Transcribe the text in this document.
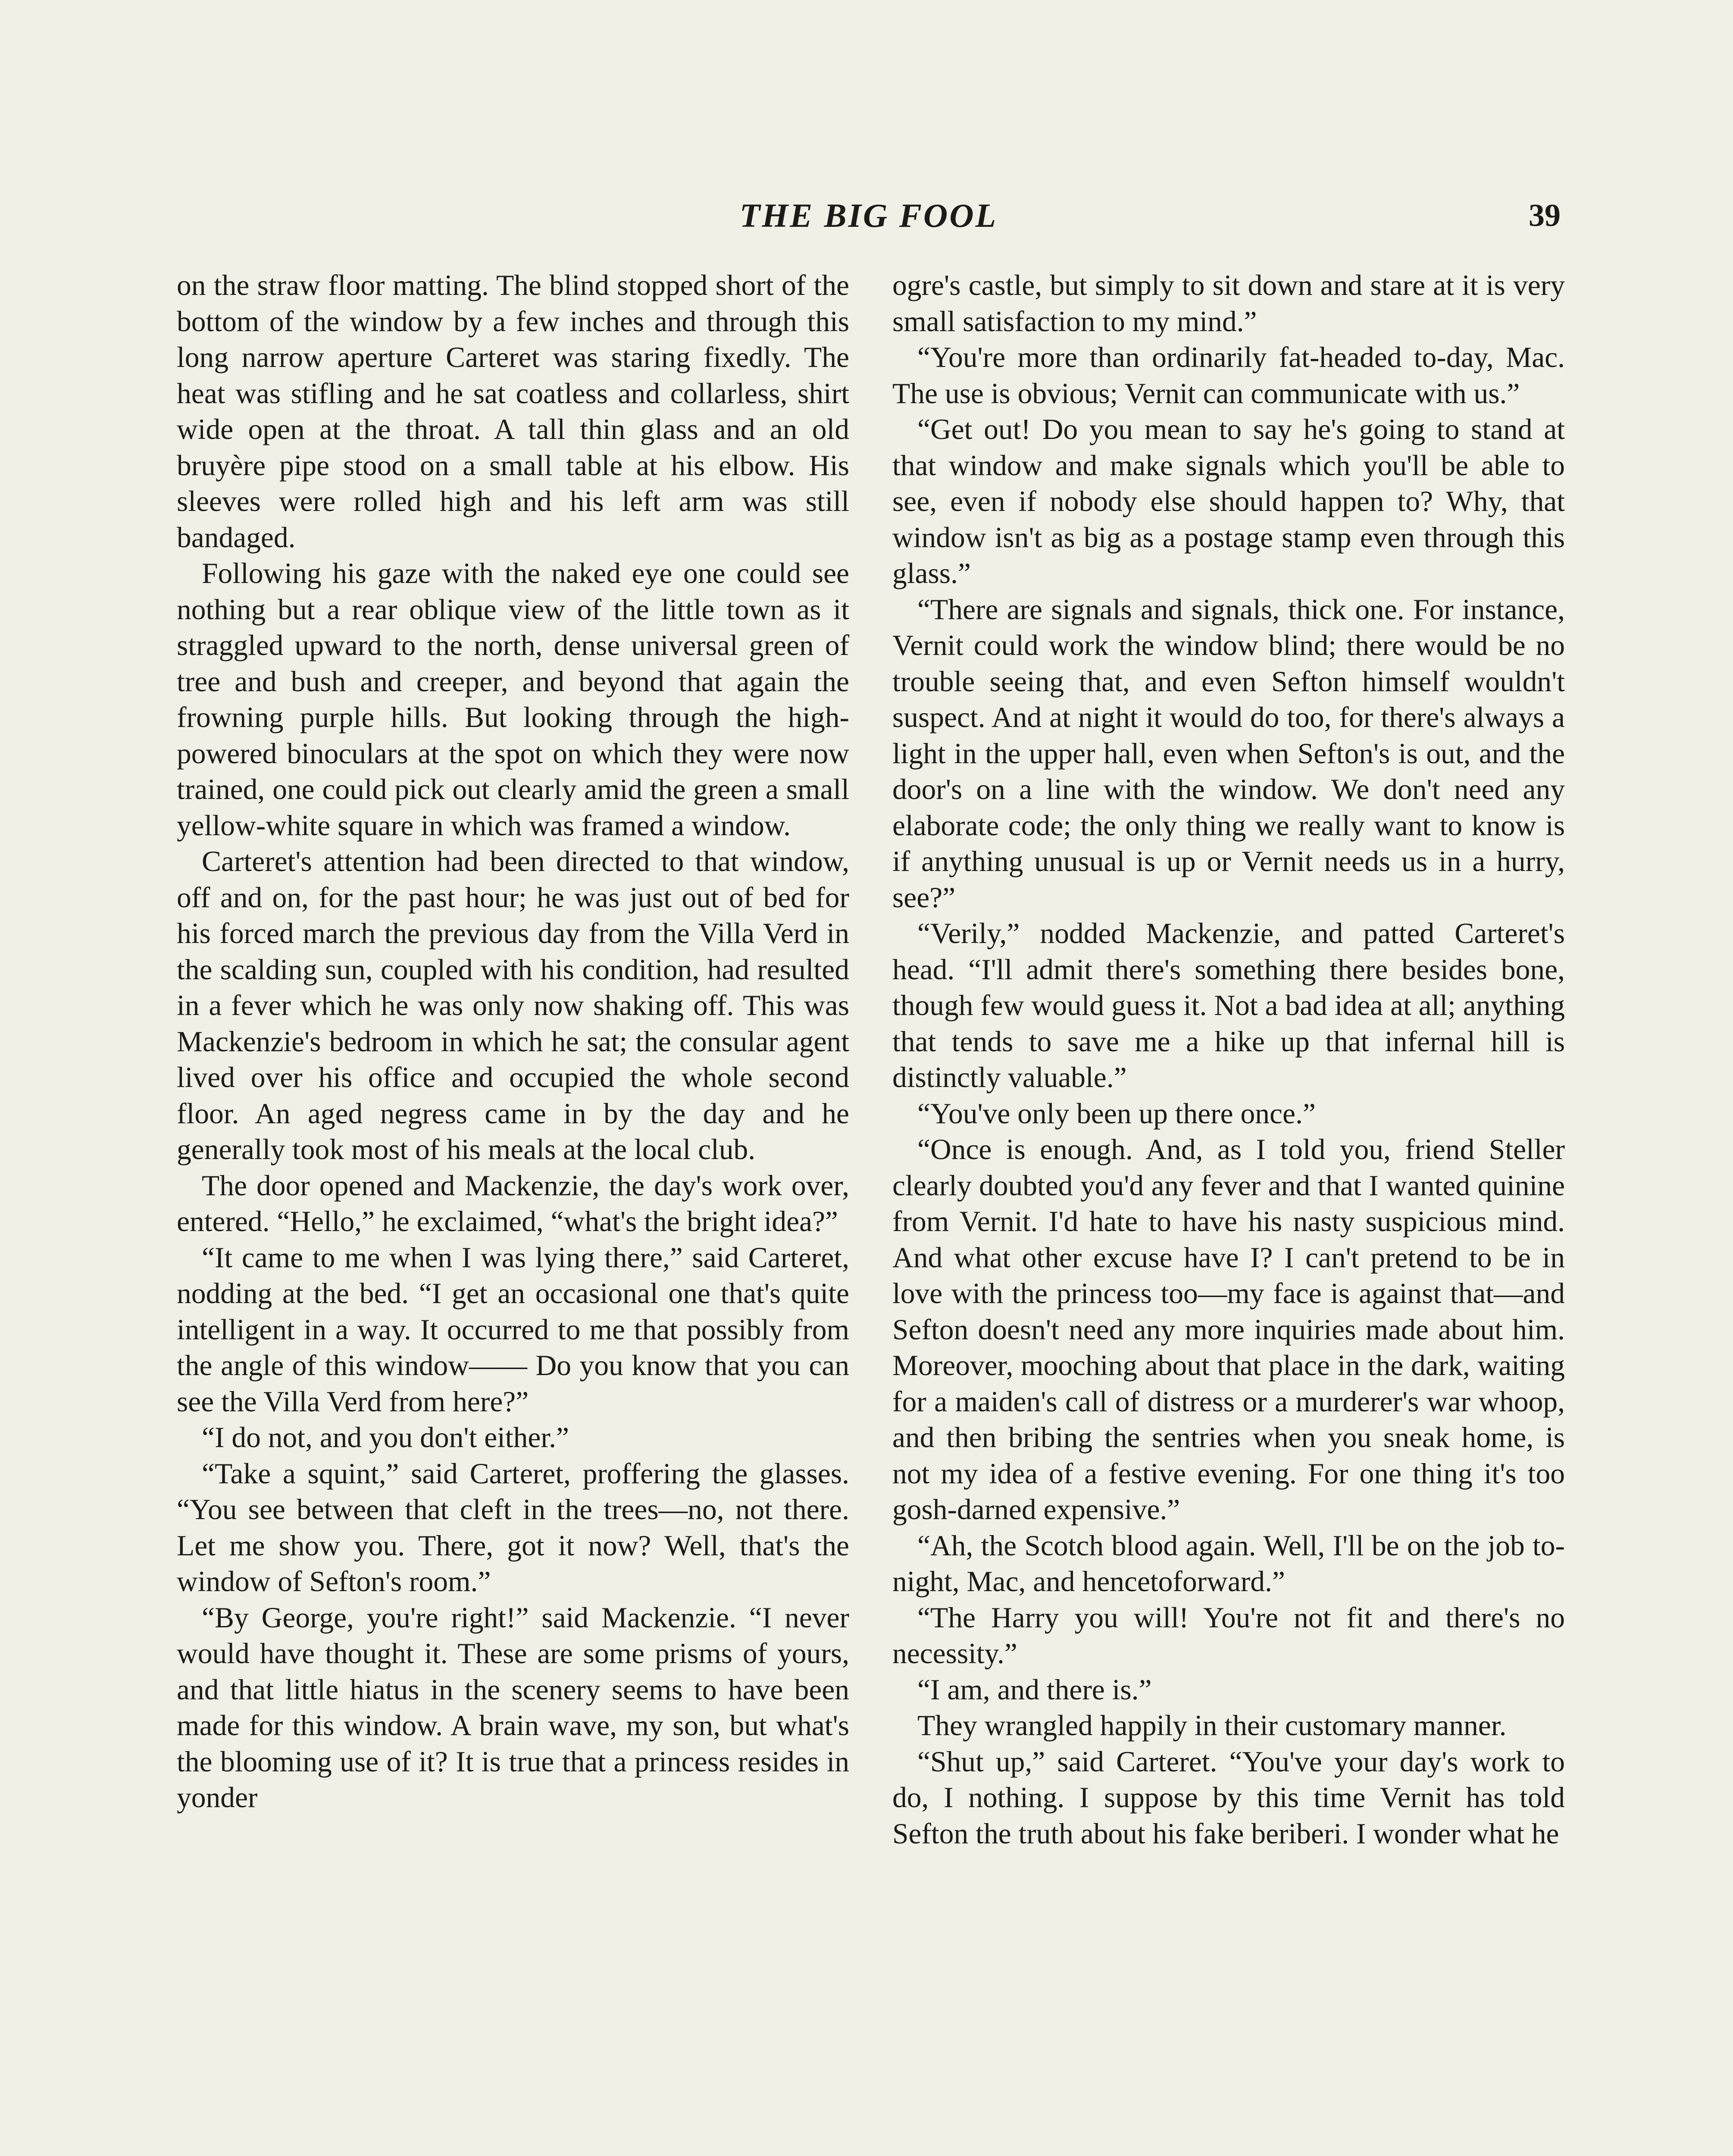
THE BIG FOOL	39

on the straw floor matting. The blind stopped short of the bottom of the window by a few inches and through this long narrow aperture Carteret was staring fixedly. The heat was stifling and he sat coatless and collarless, shirt wide open at the throat. A tall thin glass and an old bruyère pipe stood on a small table at his elbow. His sleeves were rolled high and his left arm was still bandaged.

Following his gaze with the naked eye one could see nothing but a rear oblique view of the little town as it straggled upward to the north, dense universal green of tree and bush and creeper, and beyond that again the frowning purple hills. But looking through the high-powered binoculars at the spot on which they were now trained, one could pick out clearly amid the green a small yellow-white square in which was framed a window.

Carteret's attention had been directed to that window, off and on, for the past hour; he was just out of bed for his forced march the previous day from the Villa Verd in the scalding sun, coupled with his condition, had resulted in a fever which he was only now shaking off. This was Mackenzie's bedroom in which he sat; the consular agent lived over his office and occupied the whole second floor. An aged negress came in by the day and he generally took most of his meals at the local club.

The door opened and Mackenzie, the day's work over, entered. “Hello,” he exclaimed, “what's the bright idea?”

“It came to me when I was lying there,” said Carteret, nodding at the bed. “I get an occasional one that's quite intelligent in a way. It occurred to me that possibly from the angle of this window—— Do you know that you can see the Villa Verd from here?”

“I do not, and you don't either.”

“Take a squint,” said Carteret, proffering the glasses. “You see between that cleft in the trees—no, not there. Let me show you. There, got it now? Well, that's the window of Sefton's room.”

“By George, you're right!” said Mackenzie. “I never would have thought it. These are some prisms of yours, and that little hiatus in the scenery seems to have been made for this window. A brain wave, my son, but what's the blooming use of it? It is true that a princess resides in yonder

ogre's castle, but simply to sit down and stare at it is very small satisfaction to my mind.”

“You're more than ordinarily fat-headed to-day, Mac. The use is obvious; Vernit can communicate with us.”

“Get out! Do you mean to say he's going to stand at that window and make signals which you'll be able to see, even if nobody else should happen to? Why, that window isn't as big as a postage stamp even through this glass.”

“There are signals and signals, thick one. For instance, Vernit could work the window blind; there would be no trouble seeing that, and even Sefton himself wouldn't suspect. And at night it would do too, for there's always a light in the upper hall, even when Sefton's is out, and the door's on a line with the window. We don't need any elaborate code; the only thing we really want to know is if anything unusual is up or Vernit needs us in a hurry, see?”

“Verily,” nodded Mackenzie, and patted Carteret's head. “I'll admit there's something there besides bone, though few would guess it. Not a bad idea at all; anything that tends to save me a hike up that infernal hill is distinctly valuable.”

“You've only been up there once.”

“Once is enough. And, as I told you, friend Steller clearly doubted you'd any fever and that I wanted quinine from Vernit. I'd hate to have his nasty suspicious mind. And what other excuse have I? I can't pretend to be in love with the princess too—my face is against that—and Sefton doesn't need any more inquiries made about him. Moreover, mooching about that place in the dark, waiting for a maiden's call of distress or a murderer's war whoop, and then bribing the sentries when you sneak home, is not my idea of a festive evening. For one thing it's too gosh-darned expensive.”

“Ah, the Scotch blood again. Well, I'll be on the job to-night, Mac, and hencetoforward.”

“The Harry you will! You're not fit and there's no necessity.”

“I am, and there is.”

They wrangled happily in their customary manner.

“Shut up,” said Carteret. “You've your day's work to do, I nothing. I suppose by this time Vernit has told Sefton the truth about his fake beriberi. I wonder what he
